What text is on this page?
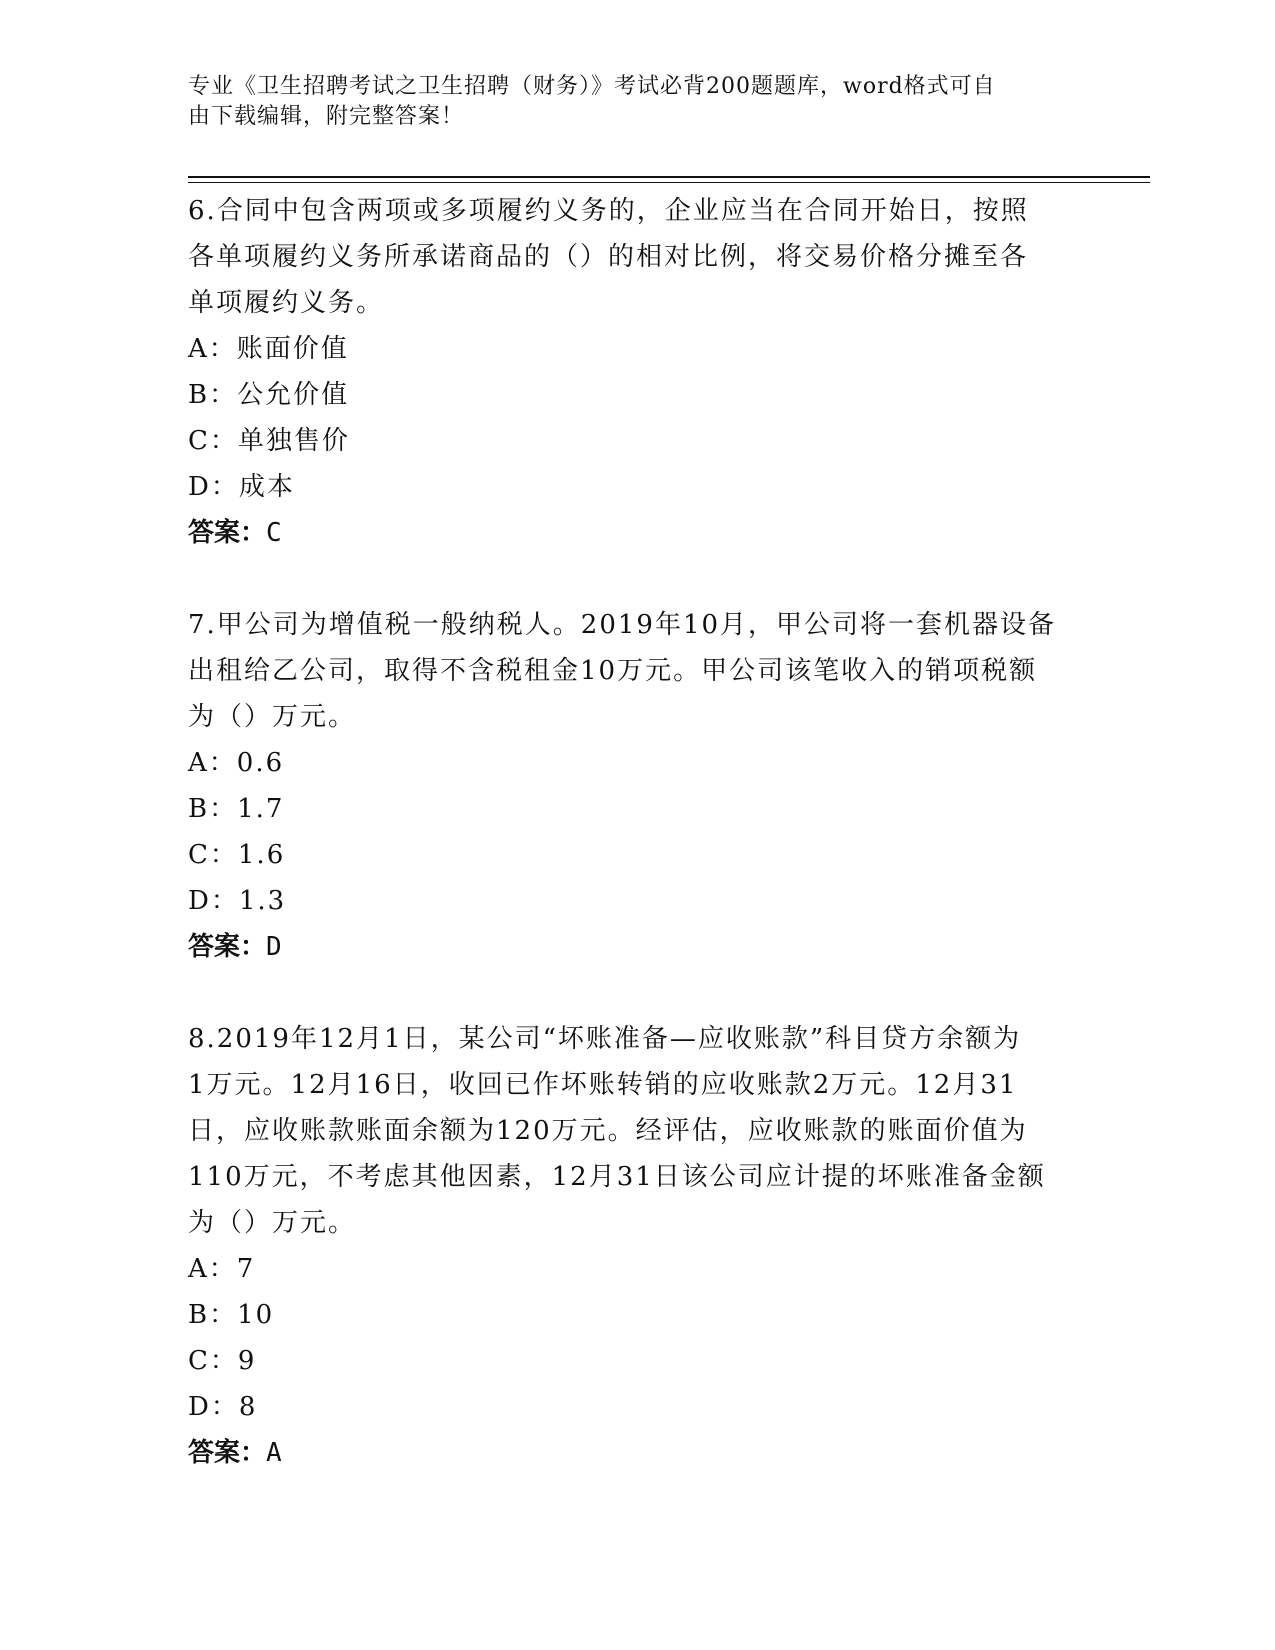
专业《卫生招聘考试之卫生招聘（财务）》考试必背200题题库，word格式可自
由下载编辑，附完整答案！

6.合同中包含两项或多项履约义务的，企业应当在合同开始日，按照

各单项履约义务所承诺商品的（）的相对比例，将交易价格分摊至各

单项履约义务。

A：账面价值

B：公允价值

C：单独售价

D：成本

答案：C

7.甲公司为增值税一般纳税人。2019年10月，甲公司将一套机器设备

出租给乙公司，取得不含税租金10万元。甲公司该笔收入的销项税额

为（）万元。

A：0.6

B：1.7

C：1.6

D：1.3

答案：D

8.2019年12月1日，某公司“坏账准备—应收账款”科目贷方余额为

1万元。12月16日，收回已作坏账转销的应收账款2万元。12月31

日，应收账款账面余额为120万元。经评估，应收账款的账面价值为

110万元，不考虑其他因素，12月31日该公司应计提的坏账准备金额

为（）万元。

A：7

B：10

C：9

D：8

答案：A
